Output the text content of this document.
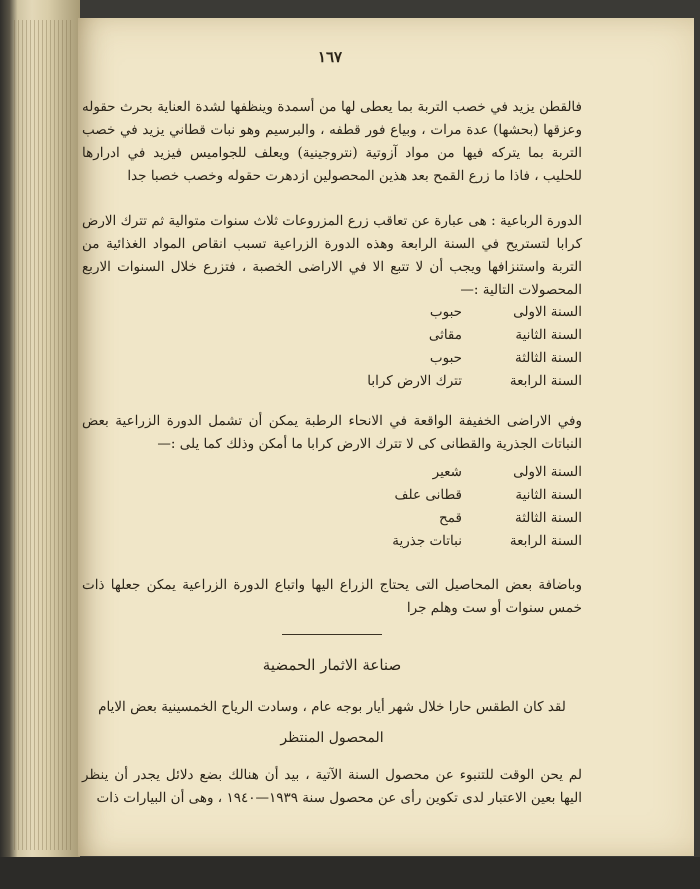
١٦٧
فالقطن يزيد في خصب التربة بما يعطى لها من أسمدة وينظفها لشدة العناية بحرث حقوله وعزقها (بحشها) عدة مرات ، وبياع فور قطفه ، والبرسيم وهو نبات قطاني يزيد في خصب التربة بما يتركه فيها من مواد آزوتية (نتروجينية) ويعلف للجواميس فيزيد في ادرارها للحليب ، فاذا ما زرع القمح بعد هذين المحصولين ازدهرت حقوله وخصب خصبا جدا
الدورة الرباعية : هى عبارة عن تعاقب زرع المزروعات ثلاث سنوات متوالية ثم تترك الارض كرابا لتستريح في السنة الرابعة وهذه الدورة الزراعية تسبب انقاص المواد الغذائية من التربة واستنزافها ويجب أن لا تتبع الا في الاراضى الخصبة ، فتزرع خلال السنوات الاربع المحصولات التالية :—
السنة الاولى
حبوب
السنة الثانية
مقاثى
السنة الثالثة
حبوب
السنة الرابعة
تترك الارض كرابا
وفي الاراضى الخفيفة الواقعة في الانحاء الرطبة يمكن أن تشمل الدورة الزراعية بعض النباتات الجذرية والقطانى كى لا تترك الارض كرابا ما أمكن وذلك كما يلى :—
السنة الاولى
شعير
السنة الثانية
قطانى علف
السنة الثالثة
قمح
السنة الرابعة
نباتات جذرية
وباضافة بعض المحاصيل التى يحتاج الزراع اليها واتباع الدورة الزراعية يمكن جعلها ذات خمس سنوات أو ست وهلم جرا
صناعة الاثمار الحمضية
لقد كان الطقس حارا خلال شهر أيار بوجه عام ، وسادت الرياح الخمسينية بعض الايام
المحصول المنتظر
لم يحن الوقت للتنبوء عن محصول السنة الآتية ، بيد أن هنالك بضع دلائل يجدر أن ينظر اليها بعين الاعتبار لدى تكوين رأى عن محصول سنة ١٩٣٩—١٩٤٠ ، وهى أن البيارات ذات
